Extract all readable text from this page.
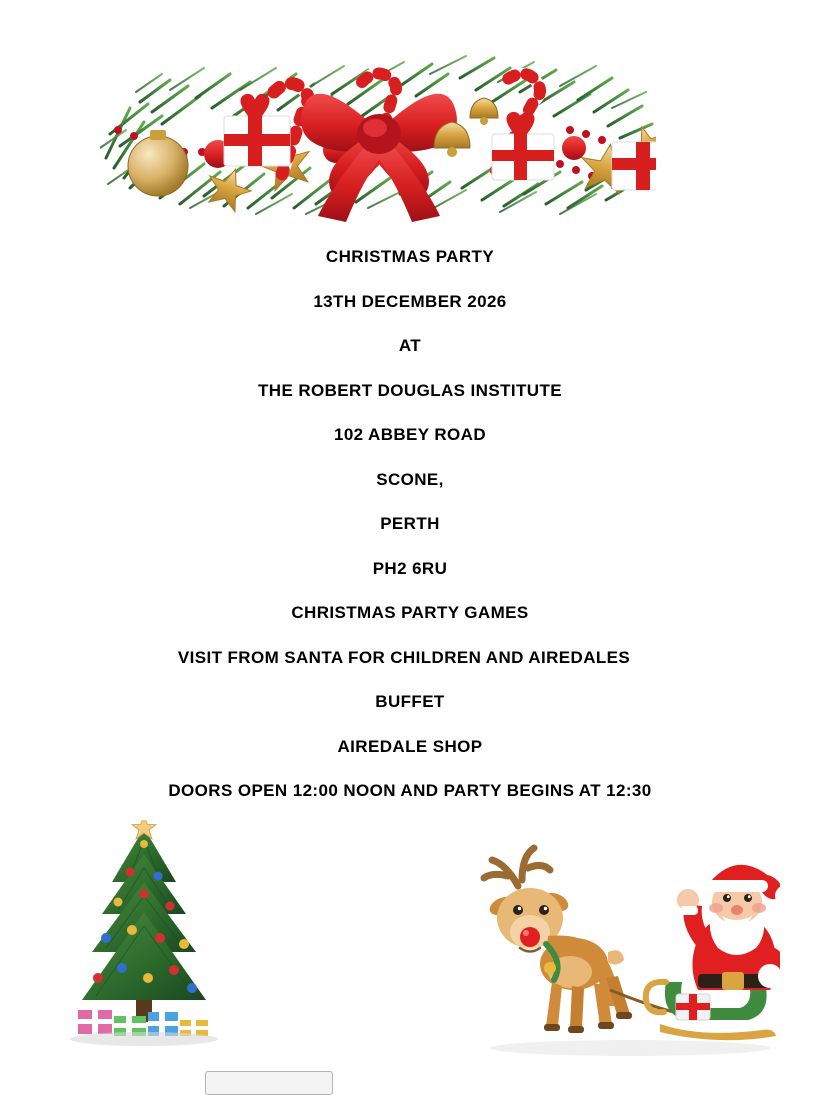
CHRISTMAS PARTY

13TH DECEMBER 2026

AT

THE ROBERT DOUGLAS INSTITUTE

102 ABBEY ROAD

SCONE,

PERTH

PH2 6RU

CHRISTMAS PARTY GAMES

VISIT FROM SANTA FOR CHILDREN AND AIREDALES

BUFFET

AIREDALE SHOP

DOORS OPEN 12:00 NOON AND PARTY BEGINS AT 12:30
